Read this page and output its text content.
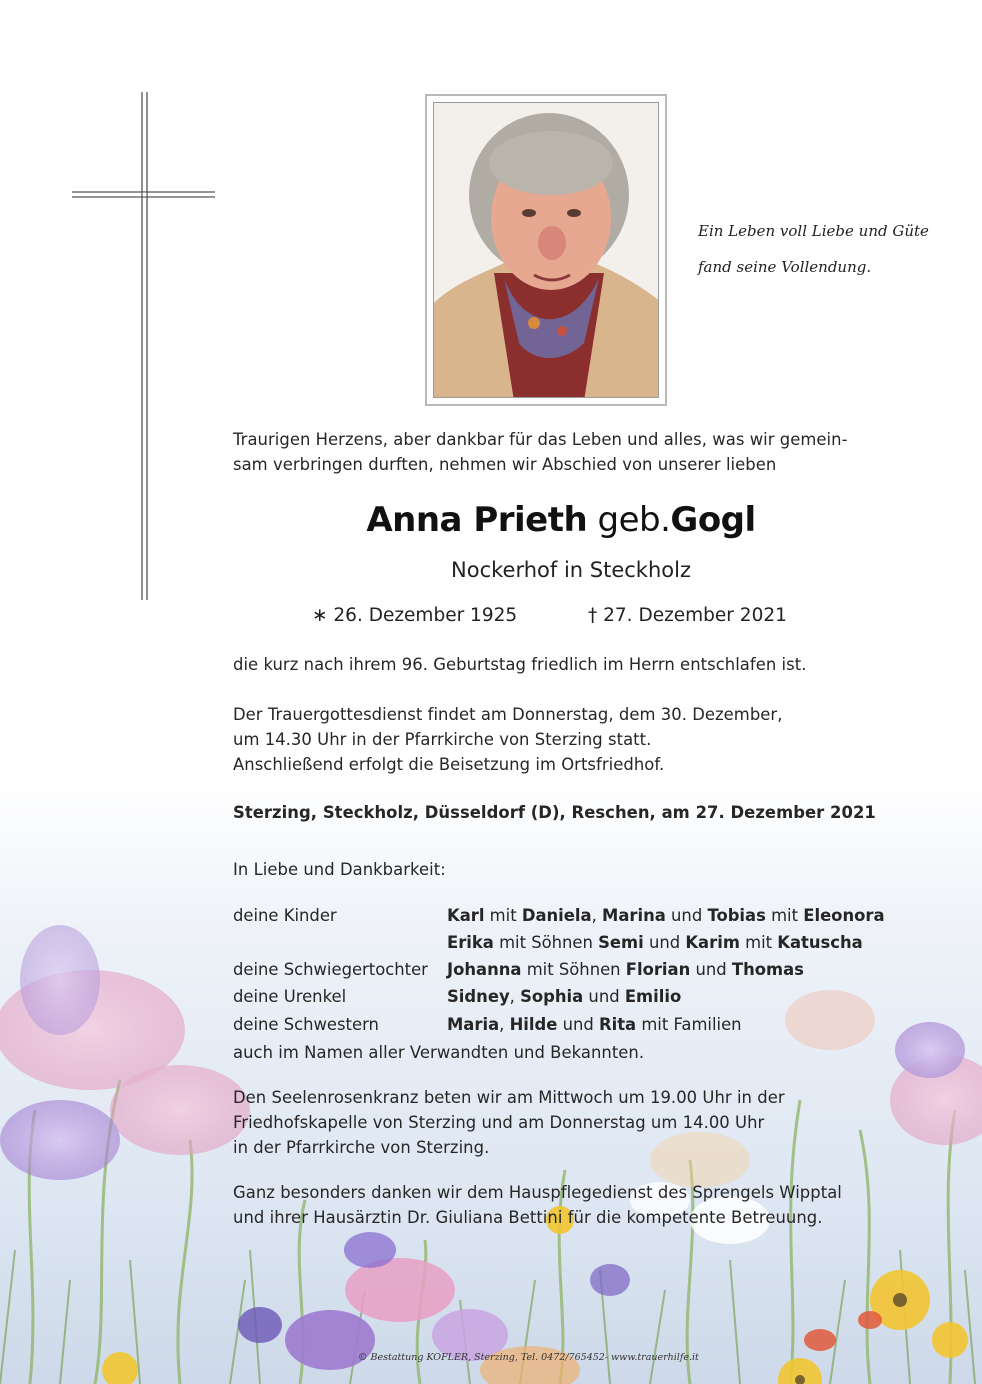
Ein Leben voll Liebe und Güte
fand seine Vollendung.
Traurigen Herzens, aber dankbar für das Leben und alles, was wir gemein-
sam verbringen durften, nehmen wir Abschied von unserer lieben
Anna Prieth geb.Gogl
Nockerhof in Steckholz
∗ 26. Dezember 1925	† 27. Dezember 2021
die kurz nach ihrem 96. Geburtstag friedlich im Herrn entschlafen ist.
Der Trauergottesdienst findet am Donnerstag, dem 30. Dezember,
um 14.30 Uhr in der Pfarrkirche von Sterzing statt.
Anschließend erfolgt die Beisetzung im Ortsfriedhof.
Sterzing, Steckholz, Düsseldorf (D), Reschen, am 27. Dezember 2021
In Liebe und Dankbarkeit:
deine Kinder	Karl mit Daniela, Marina und Tobias mit Eleonora
Erika mit Söhnen Semi und Karim mit Katuscha
deine Schwiegertochter Johanna mit Söhnen Florian und Thomas
deine Urenkel	Sidney, Sophia und Emilio
deine Schwestern	Maria, Hilde und Rita mit Familien
auch im Namen aller Verwandten und Bekannten.
Den Seelenrosenkranz beten wir am Mittwoch um 19.00 Uhr in der
Friedhofskapelle von Sterzing und am Donnerstag um 14.00 Uhr
in der Pfarrkirche von Sterzing.
Ganz besonders danken wir dem Hauspflegedienst des Sprengels Wipptal
und ihrer Hausärztin Dr. Giuliana Bettini für die kompetente Betreuung.
© Bestattung KOFLER, Sterzing, Tel. 0472/765452- www.trauerhilfe.it
